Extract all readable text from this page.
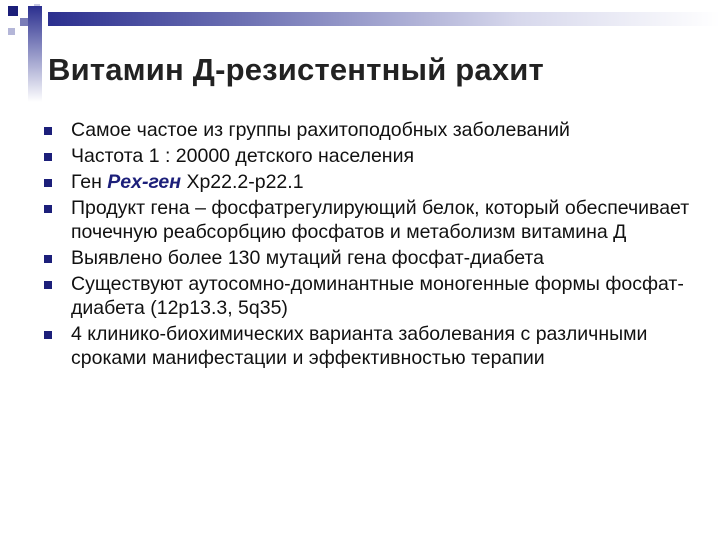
Витамин Д-резистентный рахит
Самое частое из группы рахитоподобных заболеваний
Частота 1 : 20000 детского населения
Ген Pex-ген Хр22.2-р22.1
Продукт гена – фосфатрегулирующий белок, который обеспечивает почечную реабсорбцию фосфатов и метаболизм витамина Д
Выявлено более 130 мутаций гена фосфат-диабета
Существуют аутосомно-доминантные моногенные формы фосфат-диабета (12р13.3, 5q35)
4 клинико-биохимических варианта заболевания с различными сроками манифестации и эффективностью терапии
